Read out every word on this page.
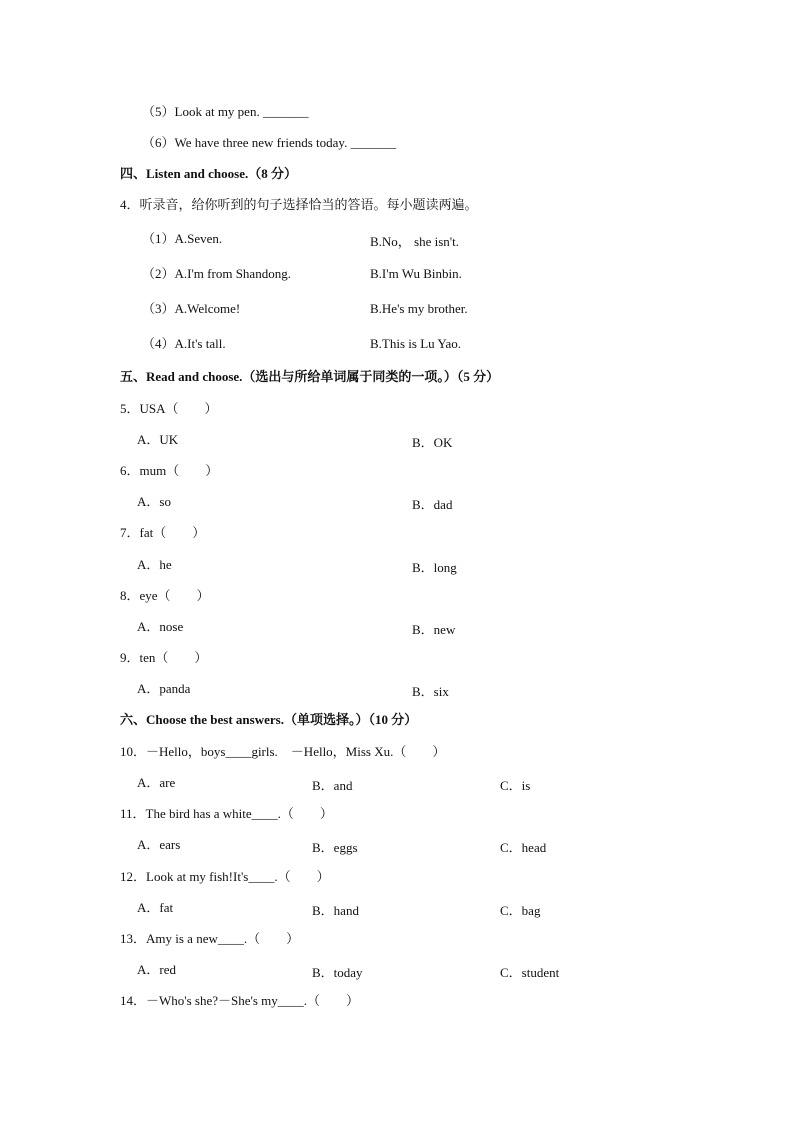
（5）Look at my pen. _______
（6）We have three new friends today. _______
四、Listen and choose.（8 分）
4．听录音，给你听到的句子选择恰当的答语。每小题读两遍。
（1）A.Seven.	B.No， she isn't.
（2）A.I'm from Shandong.	B.I'm Wu Binbin.
（3）A.Welcome!	B.He's my brother.
（4）A.It's tall.	B.This is Lu Yao.
五、Read and choose.（选出与所给单词属于同类的一项。）（5 分）
5．USA（　　）
A．UK	B．OK
6．mum（　　）
A．so	B．dad
7．fat（　　）
A．he	B．long
8．eye（　　）
A．nose	B．new
9．ten（　　）
A．panda	B．six
六、Choose the best answers.（单项选择。）（10 分）
10．－Hello，boys____girls.　－Hello，Miss Xu.（　　）
A．are	B．and	C．is
11．The bird has a white____.（　　）
A．ears	B．eggs	C．head
12．Look at my fish!It's____.（　　）
A．fat	B．hand	C．bag
13．Amy is a new____.（　　）
A．red	B．today	C．student
14．－Who's she?－She's my____.（　　）
